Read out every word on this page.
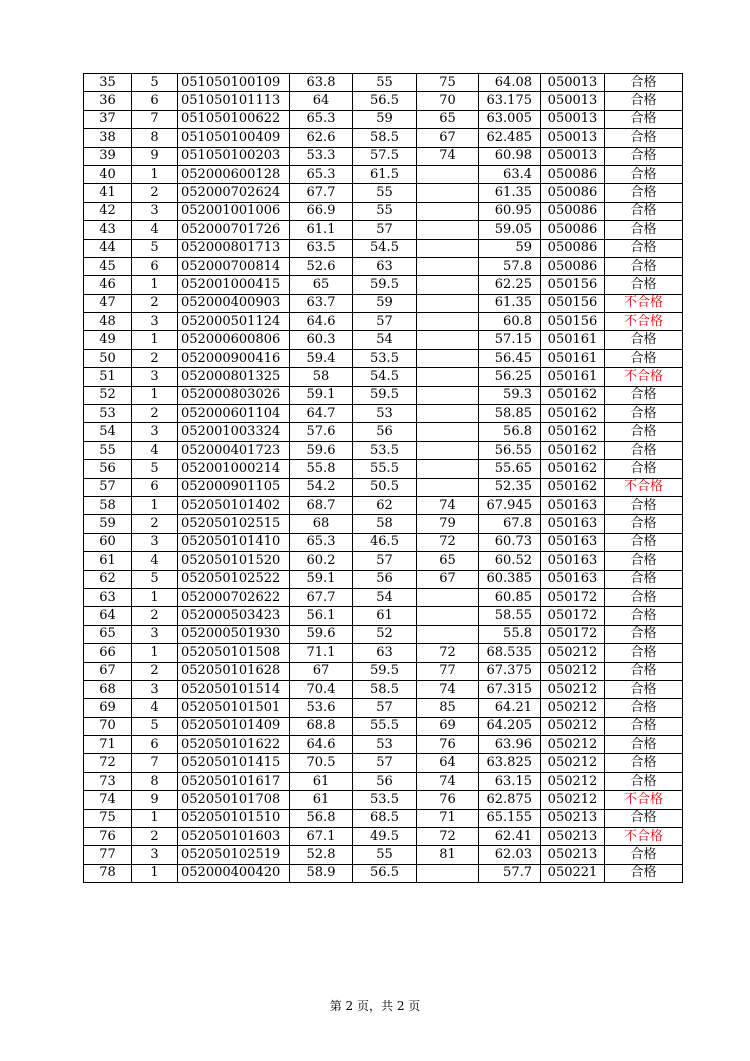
35	5	051050100109	63.8	55	75	64.08	050013	合格
36	6	051050101113	64	56.5	70	63.175	050013	合格
37	7	051050100622	65.3	59	65	63.005	050013	合格
38	8	051050100409	62.6	58.5	67	62.485	050013	合格
39	9	051050100203	53.3	57.5	74	60.98	050013	合格
40	1	052000600128	65.3	61.5		63.4	050086	合格
41	2	052000702624	67.7	55		61.35	050086	合格
42	3	052001001006	66.9	55		60.95	050086	合格
43	4	052000701726	61.1	57		59.05	050086	合格
44	5	052000801713	63.5	54.5		59	050086	合格
45	6	052000700814	52.6	63		57.8	050086	合格
46	1	052001000415	65	59.5		62.25	050156	合格
47	2	052000400903	63.7	59		61.35	050156	不合格
48	3	052000501124	64.6	57		60.8	050156	不合格
49	1	052000600806	60.3	54		57.15	050161	合格
50	2	052000900416	59.4	53.5		56.45	050161	合格
51	3	052000801325	58	54.5		56.25	050161	不合格
52	1	052000803026	59.1	59.5		59.3	050162	合格
53	2	052000601104	64.7	53		58.85	050162	合格
54	3	052001003324	57.6	56		56.8	050162	合格
55	4	052000401723	59.6	53.5		56.55	050162	合格
56	5	052001000214	55.8	55.5		55.65	050162	合格
57	6	052000901105	54.2	50.5		52.35	050162	不合格
58	1	052050101402	68.7	62	74	67.945	050163	合格
59	2	052050102515	68	58	79	67.8	050163	合格
60	3	052050101410	65.3	46.5	72	60.73	050163	合格
61	4	052050101520	60.2	57	65	60.52	050163	合格
62	5	052050102522	59.1	56	67	60.385	050163	合格
63	1	052000702622	67.7	54		60.85	050172	合格
64	2	052000503423	56.1	61		58.55	050172	合格
65	3	052000501930	59.6	52		55.8	050172	合格
66	1	052050101508	71.1	63	72	68.535	050212	合格
67	2	052050101628	67	59.5	77	67.375	050212	合格
68	3	052050101514	70.4	58.5	74	67.315	050212	合格
69	4	052050101501	53.6	57	85	64.21	050212	合格
70	5	052050101409	68.8	55.5	69	64.205	050212	合格
71	6	052050101622	64.6	53	76	63.96	050212	合格
72	7	052050101415	70.5	57	64	63.825	050212	合格
73	8	052050101617	61	56	74	63.15	050212	合格
74	9	052050101708	61	53.5	76	62.875	050212	不合格
75	1	052050101510	56.8	68.5	71	65.155	050213	合格
76	2	052050101603	67.1	49.5	72	62.41	050213	不合格
77	3	052050102519	52.8	55	81	62.03	050213	合格
78	1	052000400420	58.9	56.5		57.7	050221	合格
第 2 页，共 2 页
